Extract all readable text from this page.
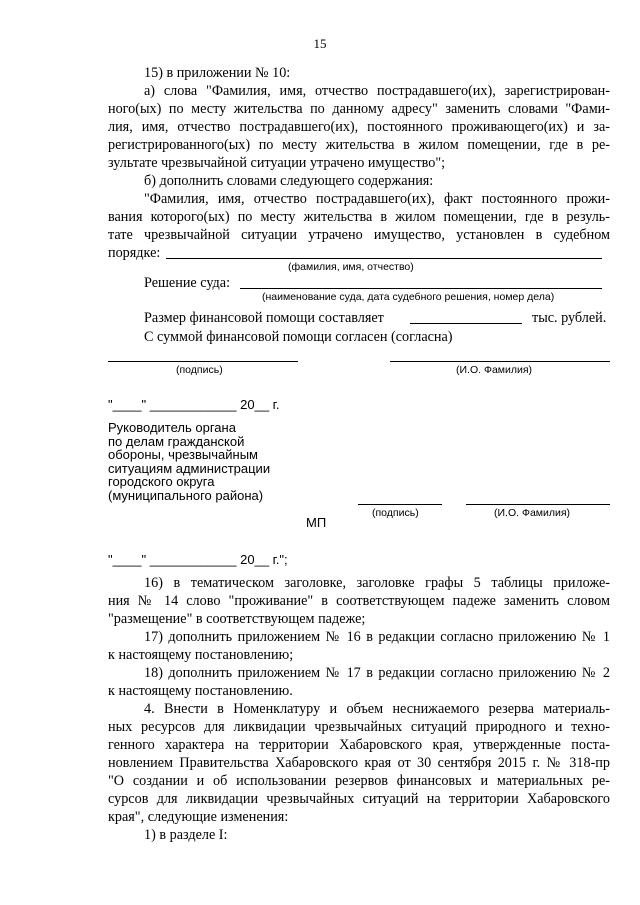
15
15) в приложении № 10:
а) слова "Фамилия, имя, отчество пострадавшего(их), зарегистрирован-
ного(ых) по месту жительства по данному адресу" заменить словами "Фами-
лия, имя, отчество пострадавшего(их), постоянного проживающего(их) и за-
регистрированного(ых) по месту жительства в жилом помещении, где в ре-
зультате чрезвычайной ситуации утрачено имущество";
б) дополнить словами следующего содержания:
"Фамилия, имя, отчество пострадавшего(их), факт постоянного прожи-
вания которого(ых) по месту жительства в жилом помещении, где в резуль-
тате чрезвычайной ситуации утрачено имущество, установлен в судебном
порядке:
(фамилия, имя, отчество)
Решение суда:
(наименование суда, дата судебного решения, номер дела)
Размер финансовой помощи составляет	тыс. рублей.
С суммой финансовой помощи согласен (согласна)
(подпись)	(И.О. Фамилия)
"____" ____________ 20__ г.
Руководитель органа
по делам гражданской
обороны, чрезвычайным
ситуациям администрации
городского округа
(муниципального района)
(подпись)	(И.О. Фамилия)
МП
"____" ____________ 20__ г.";
16) в тематическом заголовке, заголовке графы 5 таблицы приложе-
ния № 14 слово "проживание" в соответствующем падеже заменить словом
"размещение" в соответствующем падеже;
17) дополнить приложением № 16 в редакции согласно приложению № 1
к настоящему постановлению;
18) дополнить приложением № 17 в редакции согласно приложению № 2
к настоящему постановлению.
4. Внести в Номенклатуру и объем неснижаемого резерва материаль-
ных ресурсов для ликвидации чрезвычайных ситуаций природного и техно-
генного характера на территории Хабаровского края, утвержденные поста-
новлением Правительства Хабаровского края от 30 сентября 2015 г. № 318-пр
"О создании и об использовании резервов финансовых и материальных ре-
сурсов для ликвидации чрезвычайных ситуаций на территории Хабаровского
края", следующие изменения:
1) в разделе I:
